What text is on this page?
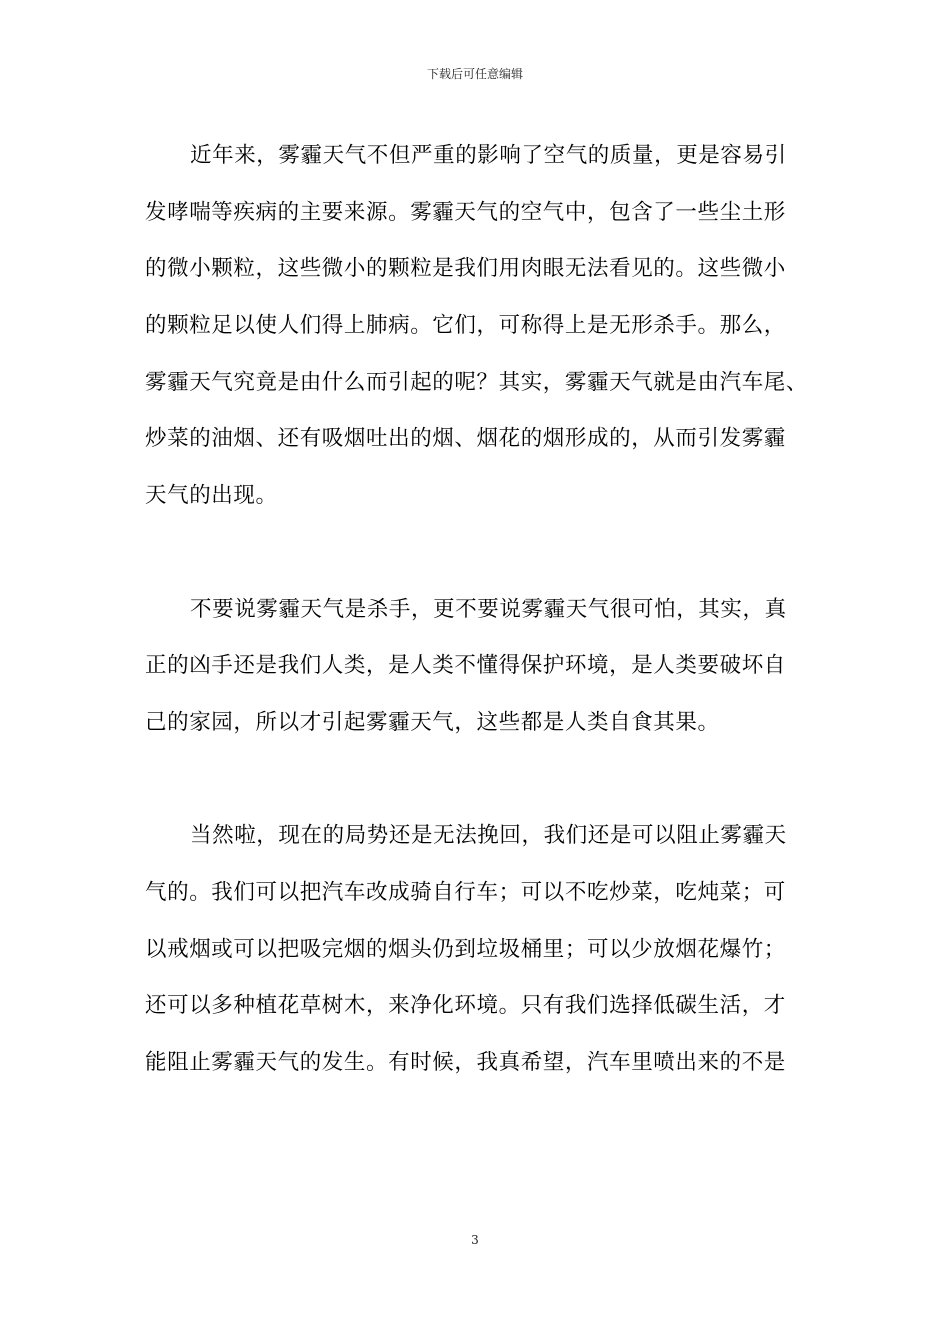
下载后可任意编辑
近年来，雾霾天气不但严重的影响了空气的质量，更是容易引
发哮喘等疾病的主要来源。雾霾天气的空气中，包含了一些尘土形
的微小颗粒，这些微小的颗粒是我们用肉眼无法看见的。这些微小
的颗粒足以使人们得上肺病。它们，可称得上是无形杀手。那么，
雾霾天气究竟是由什么而引起的呢？其实，雾霾天气就是由汽车尾、
炒菜的油烟、还有吸烟吐出的烟、烟花的烟形成的，从而引发雾霾
天气的出现。
不要说雾霾天气是杀手，更不要说雾霾天气很可怕，其实，真
正的凶手还是我们人类，是人类不懂得保护环境，是人类要破坏自
己的家园，所以才引起雾霾天气，这些都是人类自食其果。
当然啦，现在的局势还是无法挽回，我们还是可以阻止雾霾天
气的。我们可以把汽车改成骑自行车；可以不吃炒菜，吃炖菜；可
以戒烟或可以把吸完烟的烟头仍到垃圾桶里；可以少放烟花爆竹；
还可以多种植花草树木，来净化环境。只有我们选择低碳生活，才
能阻止雾霾天气的发生。有时候，我真希望，汽车里喷出来的不是
3
